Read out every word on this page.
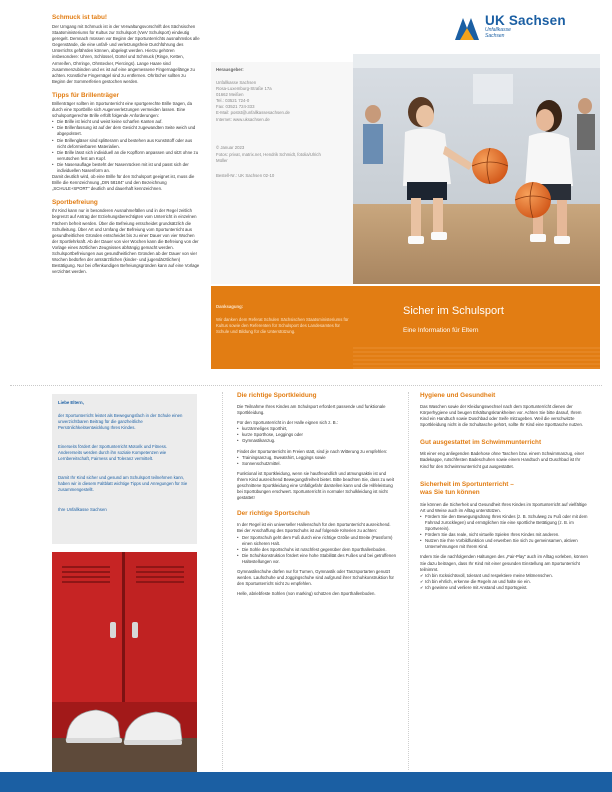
Schmuck ist tabu!
Der Umgang mit Schmuck ist in der Verwaltungsvorschrift des Sächsischen Staatsministeriums für Kultus zur Schulsport (VwV Schulsport) eindeutig geregelt. Demnach müssen vor Beginn der Sportunterrichts ausnahmslos alle Gegenstände, die eine unfall- und verletzungsfreie Durchführung des Unterrichts gefährden können, abgelegt werden. Hierzu gehören insbesondere: Uhren, Schlüssel, Gürtel und Schmuck (Ringe, Ketten, Armreifen, Ohrringe, Ohrstecker, Piercings). Lange Haare sind zusammenzubinden und es ist auf eine angemessene Fingernagellänge zu achten. Künstliche Fingernägel sind zu entfernen. Ohrlöcher sollten zu Beginn der Sommerferien gestochen werden.
Tipps für Brillenträger
Brillenträger sollten im Sportunterricht eine sportgerechte Brille tragen, da durch eine Sportbrille sich Augenverletzungen vermeiden lassen. Eine schulsportgerechte Brille erfüllt folgende Anforderungen:
• Die Brille ist leicht und weist keine scharfen Kanten auf.
• Die Brillenfassung ist auf der dem Gesicht zugewandten Seite weich und abgepolstert.
• Die Brillengläser sind splitterarm und bestehen aus Kunststoff oder aus nicht deformierbaren Materialien.
• Die Brille lässt sich individuell an die Kopfform anpassen und sitzt ohne zu verrutschen fest am Kopf.
• Die Nasenauflage besteht der Nasenrücken mit ist und passt sich der individuellen Nasenform an.
Damit deutlich wird, ob eine Brille für den Schulsport geeignet ist, muss die Brille die Kennzeichnung „DIN 58184“ und den Bezeichnung „SCHULE+SPORT“ deutlich und dauerhaft kennzeichnen.
Sportbefreiung
Ihr Kind kann nur in besonderen Ausnahmefällen und in der Regel zeitlich begrenzt auf Antrag der Erziehungsberechtigten vom Unterricht in einzelnen Fächern befreit werden. Über die Befreiung entscheidet grundsätzlich die Schulleitung. Über Art und Umfang der Befreiung vom Sportunterricht aus gesundheitlichen Gründen entscheidet bis zu einer Dauer von vier Wochen der Sportlehrkraft. Ab der Dauer von vier Wochen kann die Befreiung von der Vorlage eines ärztlichen Zeugnisses abhängig gemacht werden. Schulsportbefreiungen aus gesundheitlichen Gründen ab der Dauer von vier Wochen bedürfen der amtsärztlichen (kinder- und jugendärztlichen) Bestätigung. Nur bei offenkundigen Befreiungsgründen kann auf eine Vorlage verzichtet werden.
Herausgeber:
Unfallkasse Sachsen
Rosa-Luxemburg-Straße 17a
01662 Meißen
Tel.: 03521 724-0
Fax: 03521 724-333
E-Mail: postst@unfallkassesachsen.de
Internet: www.uksachsen.de
© Januar 2023
Fotos: privat, matrix.net, Hendrik Schmidt, fotolia/Ulrich Müller
Bestell-Nr.: UK Sachsen 02-10
UK Sachsen
Unfallkasse
Sachsen
Danksagung:
Wir danken dem Referat Schulen Sächsischen Staatsministeriums für Kultus sowie den Referenten für Schulsport des Landesamtes für Schule und Bildung für die Unterstützung.
Sicher im Schulsport
Eine Information für Eltern
Liebe Eltern,
der Sportunterricht leistet als Bewegungsfach in der Schule einen unverzichtbaren Beitrag für die ganzheitliche Persönlichkeitsentwicklung Ihres Kindes.
Einerseits fördert der Sportunterricht Motorik und Fitness. Andererseits werden durch ihn soziale Kompetenzen wie Lernbereitschaft, Fairness und Toleranz vermittelt.
Damit Ihr Kind sicher und gesund am Schulsport teilnehmen kann, haben wir in diesem Faltblatt wichtige Tipps und Anregungen für Sie zusammengestellt.
Ihre Unfallkasse Sachsen
Die richtige Sportkleidung
Die Teilnahme Ihres Kindes am Schulsport erfordert passende und funktionale Sportkleidung.
Für den Sportunterricht in der Halle eignen sich z. B.:
• kurzärmeliges Sporthirt,
• kurze Sporthose, Leggings oder
• Gymnastikanzug.
Findet der Sportunterricht im Freien statt, sind je nach Witterung zu empfehlen:
• Trainingsanzug, Sweatshirt, Leggings sowie
• Sonnenschutzmittel.
Funktional ist Sportkleidung, wenn sie hautfreundlich und atmungsaktiv ist und Ihrem Kind ausreichend Bewegungsfreiheit bietet. Bitte beachten Sie, dass zu weit geschnittene Sportkleidung eine Unfallgefahr darstellen kann und die Hilfeleistung bei Sportübungen erschwert. Sportunterricht in normaler Schulkleidung ist nicht gestattet!
Der richtige Sportschuh
In der Regel ist ein universeller Hallenschuh für den Sportunterricht ausreichend. Bei der Anschaffung des Sportschuhs ist auf folgende Kriterien zu achten:
• Der Sportschuh geht dem Fuß durch eine richtige Größe und Breite (Passform) einen sicheren Halt.
• Die Sohle des Sportschuhs ist rutschfest gegenüber dem Sporthallenboden.
• Die Schuhkonstruktion fördert eine hohe Stabilität des Fußes und bei getroffenen Haltestellungen vor.
Gymnastikschuhe dürfen nur für Turnen, Gymnastik oder Tanzsportarten genutzt werden. Laufschuhe und Joggingschuhe sind aufgrund ihrer Schuhkonstruktion für den Sportunterricht nicht zu empfehlen.
Helle, abriebfeste Sohlen (non marking) schützen den Sporthallenboden.
Hygiene und Gesundheit
Das Waschen sowie der Kleidungswechsel nach dem Sportunterricht dienen der Körperhygiene und beugen Erkältungskrankheiten vor. Achten Sie bitte darauf, Ihrem Kind ein Handtuch sowie Duschbad oder Seife mitzugeben. Weil die verschwitzte Sportkleidung nicht in die Schultasche gehört, sollte Ihr Kind eine Sporttasche nutzen.
Gut ausgestattet im Schwimmunterricht
Mit einer eng anliegenden Badehose ohne Taschen bzw. einem Schwimmanzug, einer Badekappe, rutschfesten Badeschuhen sowie einem Handtuch und Duschbad ist Ihr Kind für den Schwimmunterricht gut ausgestattet.
Sicherheit im Sportunterricht –
was Sie tun können
Sie können die Sicherheit und Gesundheit Ihres Kindes im Sportunterricht auf vielfältige Art und Weise auch im Alltag unterstützen.
• Fördern Sie den Bewegungsdrang Ihres Kindes (z. B. Schulweg zu Fuß oder mit dem Fahrrad zurücklegen) und ermöglichen Sie eine sportliche Betätigung (z. B. im Sportverein).
• Fördern Sie das reale, nicht virtuelle Spielen Ihres Kindes mit anderen.
• Nutzen Sie Ihre Vorbildfunktion und erwerben Sie sich zu gemeinsamen, aktiven Unternehmungen mit Ihrem Kind.
Indem Sie die nachfolgenden Haltungen des „Fair-Play“ auch im Alltag vorleben, können Sie dazu beitragen, dass Ihr Kind mit einer gesunden Einstellung am Sportunterricht teilnimmt.
✔ Ich bin rücksichtsvoll, tolerant und respektiere meine Mitmenschen.
✔ Ich bin ehrlich, erkenne die Regeln an und halte sie ein.
✔ Ich gewinne und verliere mit Anstand und Sportsgeist.
